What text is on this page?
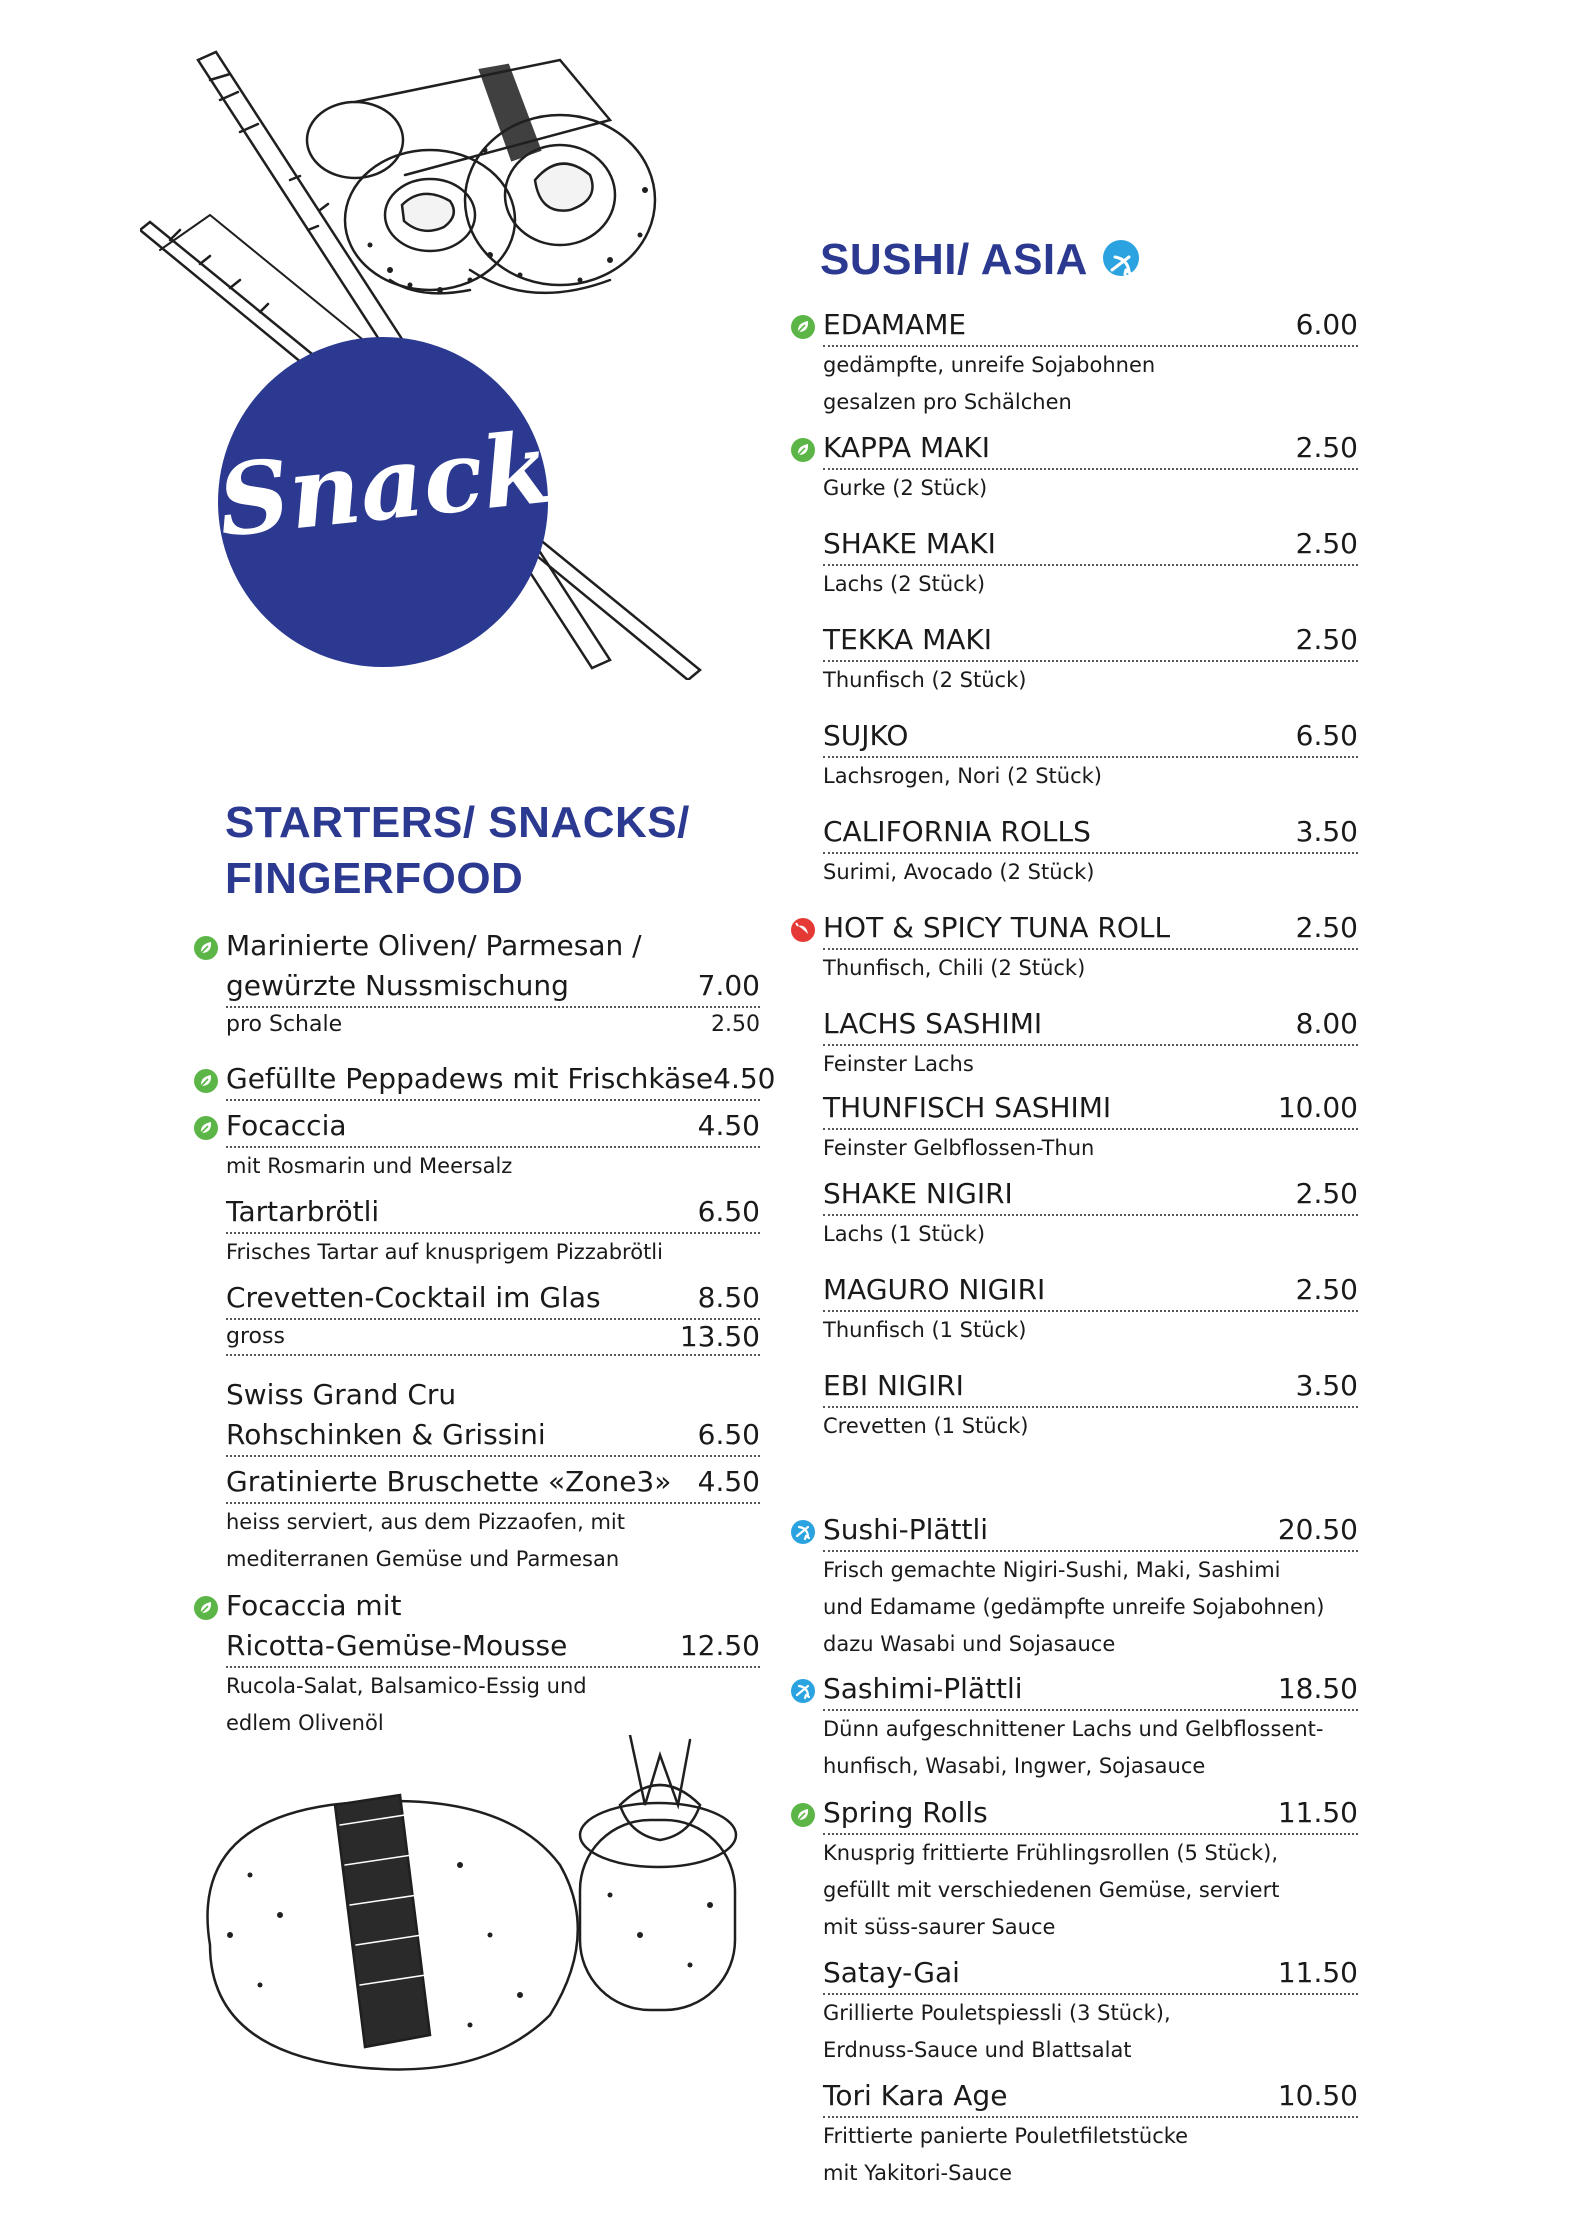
Snacks
SUSHI/ ASIA
EDAMAME	6.00
gedämpfte, unreife Sojabohnen
gesalzen pro Schälchen
KAPPA MAKI	2.50
Gurke (2 Stück)
SHAKE MAKI	2.50
Lachs (2 Stück)
TEKKA MAKI	2.50
Thunfisch (2 Stück)
SUJKO	6.50
Lachsrogen, Nori (2 Stück)
CALIFORNIA ROLLS	3.50
Surimi, Avocado (2 Stück)
HOT & SPICY TUNA ROLL	2.50
Thunfisch, Chili (2 Stück)
LACHS SASHIMI	8.00
Feinster Lachs
THUNFISCH SASHIMI	10.00
Feinster Gelbflossen-Thun
SHAKE NIGIRI	2.50
Lachs (1 Stück)
MAGURO NIGIRI	2.50
Thunfisch (1 Stück)
EBI NIGIRI	3.50
Crevetten (1 Stück)
Sushi-Plättli	20.50
Frisch gemachte Nigiri-Sushi, Maki, Sashimi
und Edamame (gedämpfte unreife Sojabohnen)
dazu Wasabi und Sojasauce
Sashimi-Plättli	18.50
Dünn aufgeschnittener Lachs und Gelbflossent-
hunfisch, Wasabi, Ingwer, Sojasauce
Spring Rolls	11.50
Knusprig frittierte Frühlingsrollen (5 Stück),
gefüllt mit verschiedenen Gemüse, serviert
mit süss-saurer Sauce
Satay-Gai	11.50
Grillierte Pouletspiessli (3 Stück),
Erdnuss-Sauce und Blattsalat
Tori Kara Age	10.50
Frittierte panierte Pouletfiletstücke
mit Yakitori-Sauce
STARTERS/ SNACKS/
FINGERFOOD
Marinierte Oliven/ Parmesan /
gewürzte Nussmischung	7.00
pro Schale	2.50
Gefüllte Peppadews mit Frischkäse 4.50
Focaccia	4.50
mit Rosmarin und Meersalz
Tartarbrötli	6.50
Frisches Tartar auf knusprigem Pizzabrötli
Crevetten-Cocktail im Glas	8.50
gross	13.50
Swiss Grand Cru
Rohschinken & Grissini	6.50
Gratinierte Bruschette «Zone3» 4.50
heiss serviert, aus dem Pizzaofen, mit
mediterranen Gemüse und Parmesan
Focaccia mit
Ricotta-Gemüse-Mousse	12.50
Rucola-Salat, Balsamico-Essig und
edlem Olivenöl
